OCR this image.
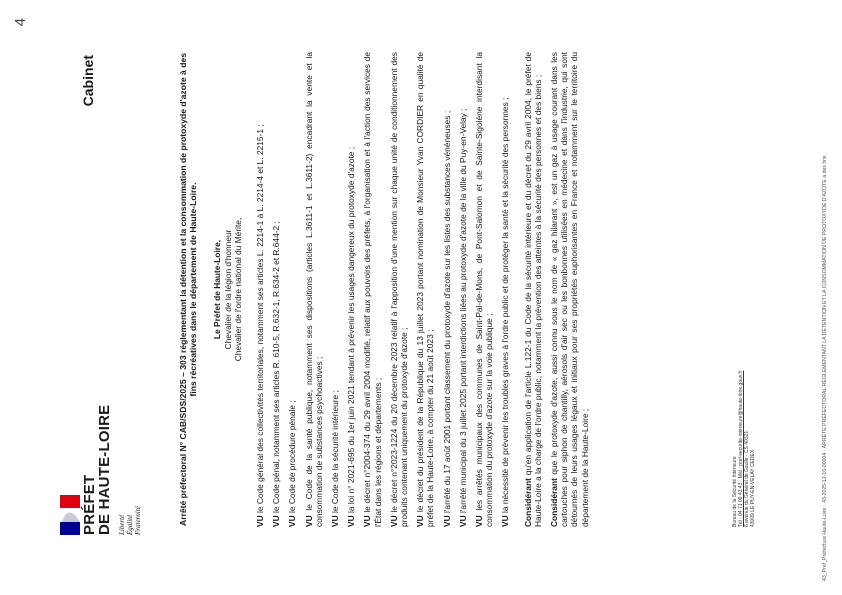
4
PRÉFET
DE HAUTE-LOIRE Liberté Égalité Fraternité
Cabinet	Arrêté préfectoral N° CAB/SDS/2025 – 303 réglementant la détention et la consommation de protoxyde d'azote à des fins récréatives dans le département de Haute-Loire. Le Préfet de Haute-Loire, Chevalier de la légion d'honneur Chevalier de l'ordre national du Mérite,

VU le Code général des collectivités territoriales, notamment ses articles L. 2214-1 à L. 2214-4 et L. 2215-1 ;

VU le Code pénal, notamment ses articles R. 610-5, R.632-1, R.634-2 et R.644-2 ;

VU le Code de procédure pénale ;

VU le Code de la santé publique, notamment ses dispositions (articles L.3611-1 et L.3611-2) encadrant la vente et la consommation de substances psychoactives ; VU le Code de la sécurité intérieure ;

VU la loi n° 2021-695 du 1er juin 2021 tendant à prévenir les usages dangereux du protoxyde d'azote ;

VU le décret n°2004-374 du 29 avril 2004 modifié, relatif aux pouvoirs des préfets, à l'organisation et à l'action des services de l'État dans les régions et départements ; VU le décret n°2023-1224 du 20 décembre 2023 relatif à l'apposition d'une mention sur chaque unité de conditionnement des produits contenant uniquement du protoxyde d'azote ; VU le décret du président de la République du 13 juillet 2023 portant nomination de Monsieur Yvan CORDIER en qualité de préfet de la Haute-Loire, à compter du 21 août 2023 ; VU l'arrêté du 17 août 2001 portant classement du protoxyde d'azote sur les listes des substances vénéneuses ;

VU l'arrêté municipal du 3 juillet 2025 portant interdictions liées au protoxyde d'azote de la ville du Puy-en-Velay ;

VU les arrêtés municipaux des communes de Saint-Pal-de-Mons, de Pont-Salomon et de Sainte-Sigolène interdisant la consommation du protoxyde d'azote sur la voie publique ; VU la nécessité de prévenir les troubles graves à l'ordre public et de protéger la santé et la sécurité des personnes ; Considérant qu'en application de l'article L.122-1 du Code de la sécurité intérieure et du décret du 29 avril 2004, le préfet de Haute-Loire a la charge de l'ordre public, notamment la prévention des atteintes à la sécurité des personnes et des biens ; Considérant que le protoxyde d'azote, aussi connu sous le nom de « gaz hilarant », est un gaz à usage courant dans les cartouches pour siphon de chantilly, aérosols d'air sec ou les bonbonnes utilisées en médecine et dans l'industrie, qui sont détournés de leurs usages légaux et initiaux pour ses propriétés euphorisantes en France et notamment sur le territoire du département de la Haute-Loire ;	Bureau de la Sécurité Intérieure Tél : 04 71 09 43 43 · Mél : pref-securite-interieure@haute-loire.gouv.fr 6 avenue du Général de Gaulle · CS 40321 43009 LE PUY-EN-VELAY CEDEX	43_Pref_Préfecture Haute-Loire · 43-2025-12-16-00004 · ARRÊTÉ PRÉFECTORAL RÉGLEMENTANT LA DÉTENTION ET LA CONSOMMATION DE PROTOXYDE D'AZOTE à des fins
